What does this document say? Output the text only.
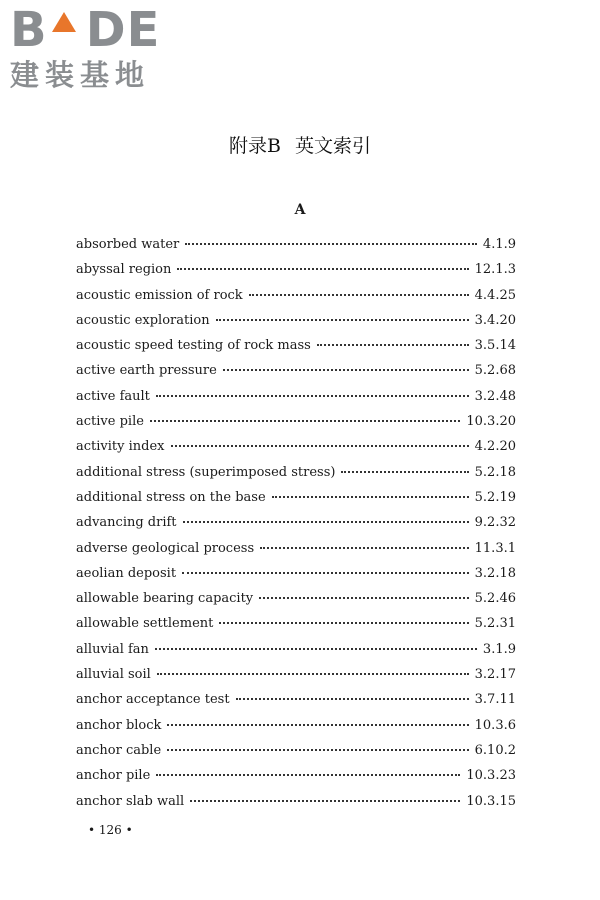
B DE
建装基地
附录B 英文索引
A
absorbed water	4.1.9
abyssal region	12.1.3
acoustic emission of rock	4.4.25
acoustic exploration	3.4.20
acoustic speed testing of rock mass	3.5.14
active earth pressure	5.2.68
active fault	3.2.48
active pile	10.3.20
activity index	4.2.20
additional stress (superimposed stress)	5.2.18
additional stress on the base	5.2.19
advancing drift	9.2.32
adverse geological process	11.3.1
aeolian deposit	3.2.18
allowable bearing capacity	5.2.46
allowable settlement	5.2.31
alluvial fan	3.1.9
alluvial soil	3.2.17
anchor acceptance test	3.7.11
anchor block	10.3.6
anchor cable	6.10.2
anchor pile	10.3.23
anchor slab wall	10.3.15
• 126 •
